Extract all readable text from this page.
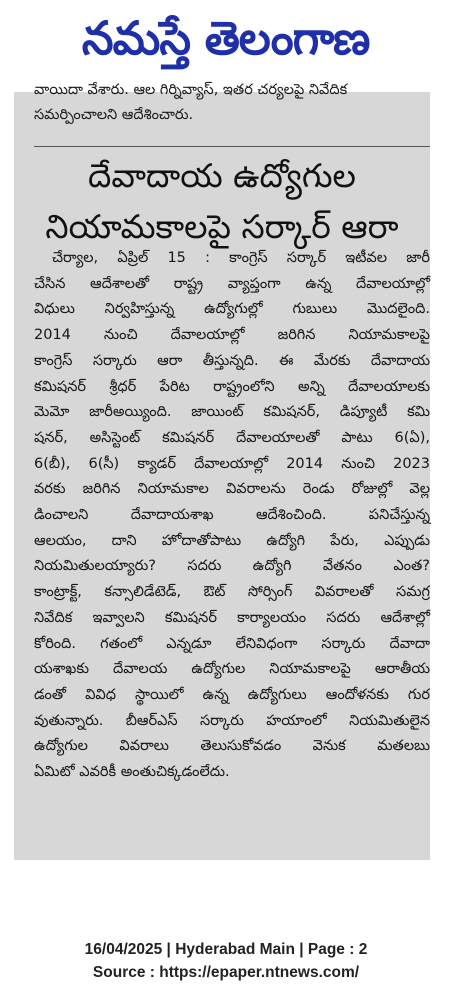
నమస్తే తెలంగాణ
వాయిదా వేశారు. ఆల గిర్నివ్యాస్, ఇతర చర్యలపై నివేదిక
సమర్పించాలని ఆదేశించారు.
దేవాదాయ ఉద్యోగుల
నియామకాలపై సర్కార్ ఆరా
చేర్యాల, ఏప్రిల్ 15 : కాంగ్రెస్ సర్కార్ ఇటీవల జారీ
చేసిన ఆదేశాలతో రాష్ట్ర వ్యాప్తంగా ఉన్న దేవాలయాల్లో
విధులు నిర్వహిస్తున్న ఉద్యోగుల్లో గుబులు మొదలైంది.
2014 నుంచి దేవాలయాల్లో జరిగిన నియామకాలపై
కాంగ్రెస్ సర్కారు ఆరా తీస్తున్నది. ఈ మేరకు దేవాదాయ
కమిషనర్ శ్రీధర్ పేరిట రాష్ట్రంలోని అన్ని దేవాలయాలకు
మెమో జారీఅయ్యింది. జాయింట్ కమిషనర్, డిప్యూటీ కమి
షనర్, అసిస్టెంట్ కమిషనర్ దేవాలయాలతో పాటు 6(ఏ),
6(బీ), 6(సీ) క్యాడర్ దేవాలయాల్లో 2014 నుంచి 2023
వరకు జరిగిన నియామకాల వివరాలను రెండు రోజుల్లో వెల్ల
డించాలని దేవాదాయశాఖ ఆదేశించింది. పనిచేస్తున్న
ఆలయం, దాని హోదాతోపాటు ఉద్యోగి పేరు, ఎప్పుడు
నియమితులయ్యారు? సదరు ఉద్యోగి వేతనం ఎంత?
కాంట్రాక్ట్, కన్సాలిడేటెడ్, ఔట్ సోర్సింగ్ వివరాలతో సమగ్ర
నివేదిక ఇవ్వాలని కమిషనర్ కార్యాలయం సదరు ఆదేశాల్లో
కోరింది. గతంలో ఎన్నడూ లేనివిధంగా సర్కారు దేవాదా
యశాఖకు దేవాలయ ఉద్యోగుల నియామకాలపై ఆరాతీయ
డంతో వివిధ స్థాయిలో ఉన్న ఉద్యోగులు ఆందోళనకు గుర
వుతున్నారు. బీఆర్ఎస్ సర్కారు హయాంలో నియమితులైన
ఉద్యోగుల వివరాలు తెలుసుకోవడం వెనుక మతలబు
ఏమిటో ఎవరికీ అంతుచిక్కడంలేదు.
16/04/2025 | Hyderabad Main | Page : 2
Source : https://epaper.ntnews.com/
